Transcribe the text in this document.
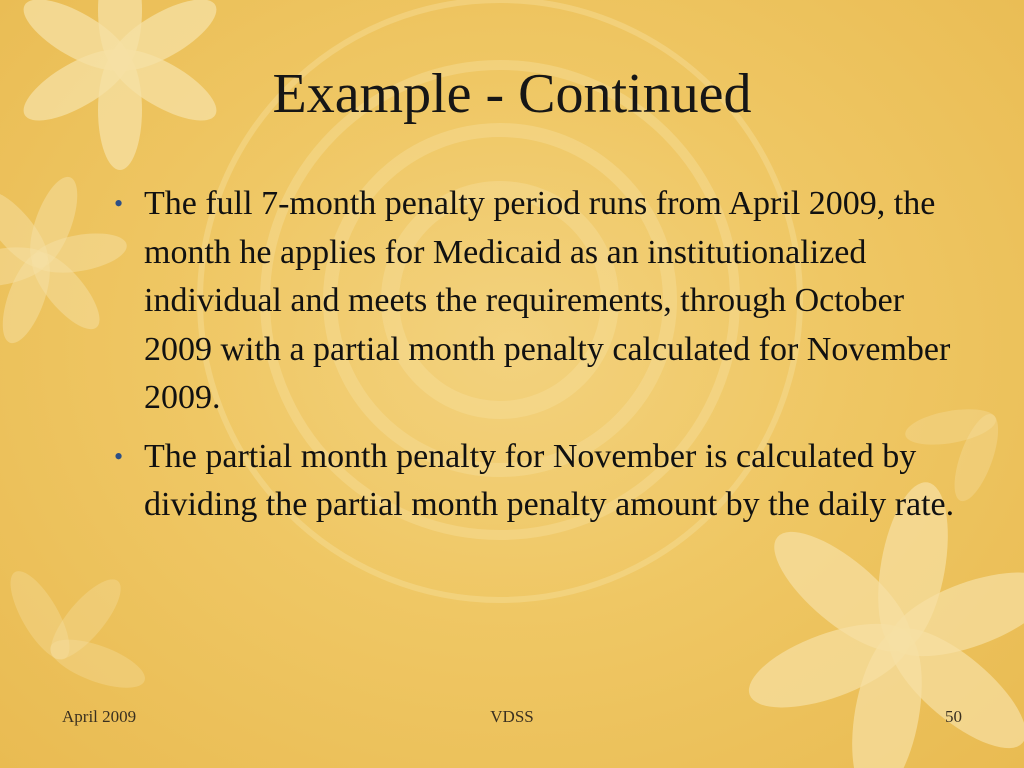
Example - Continued
• The full 7-month penalty period runs from April 2009, the month he applies for Medicaid as an institutionalized individual and meets the requirements, through October 2009 with a partial month penalty calculated for November 2009.
• The partial month penalty for November is calculated by dividing the partial month penalty amount by the daily rate.
April 2009	VDSS	50
